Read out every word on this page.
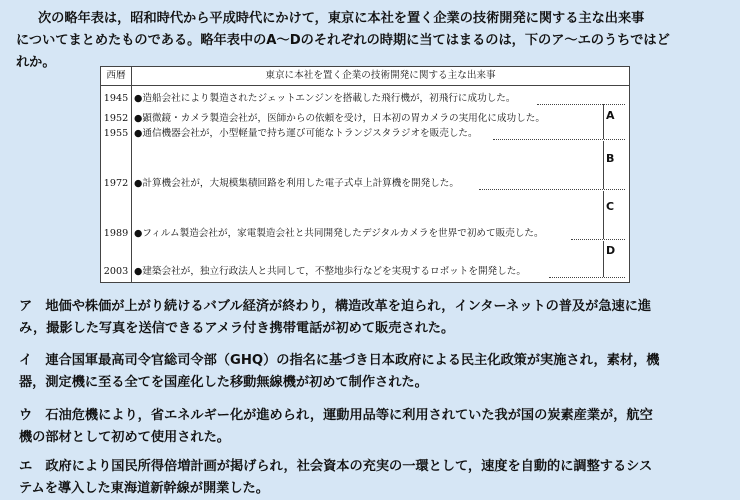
次の略年表は，昭和時代から平成時代にかけて，東京に本社を置く企業の技術開発に関する主な出来事
についてまとめたものである。略年表中のA～Dのそれぞれの時期に当てはまるのは，下のア～エのうちではど
れか。
西暦	東京に本社を置く企業の技術開発に関する主な出来事
1945 ●造船会社により製造されたジェットエンジンを搭載した飛行機が，初飛行に成功した。
1952 ●顕微鏡・カメラ製造会社が，医師からの依頼を受け，日本初の胃カメラの実用化に成功した。
1955 ●通信機器会社が，小型軽量で持ち運び可能なトランジスタラジオを販売した。
1972 ●計算機会社が，大規模集積回路を利用した電子式卓上計算機を開発した。
1989 ●フィルム製造会社が，家電製造会社と共同開発したデジタルカメラを世界で初めて販売した。
2003 ●建築会社が，独立行政法人と共同して，不整地歩行などを実現するロボットを開発した。
A
B
C
D
ア　地価や株価が上がり続けるバブル経済が終わり，構造改革を迫られ，インターネットの普及が急速に進
み，撮影した写真を送信できるアメラ付き携帯電話が初めて販売された。
イ　連合国軍最高司令官総司令部（GHQ）の指名に基づき日本政府による民主化政策が実施され，素材，機
器，測定機に至る全てを国産化した移動無線機が初めて制作された。
ウ　石油危機により，省エネルギー化が進められ，運動用品等に利用されていた我が国の炭素産業が，航空
機の部材として初めて使用された。
エ　政府により国民所得倍増計画が掲げられ，社会資本の充実の一環として，速度を自動的に調整するシス
テムを導入した東海道新幹線が開業した。
